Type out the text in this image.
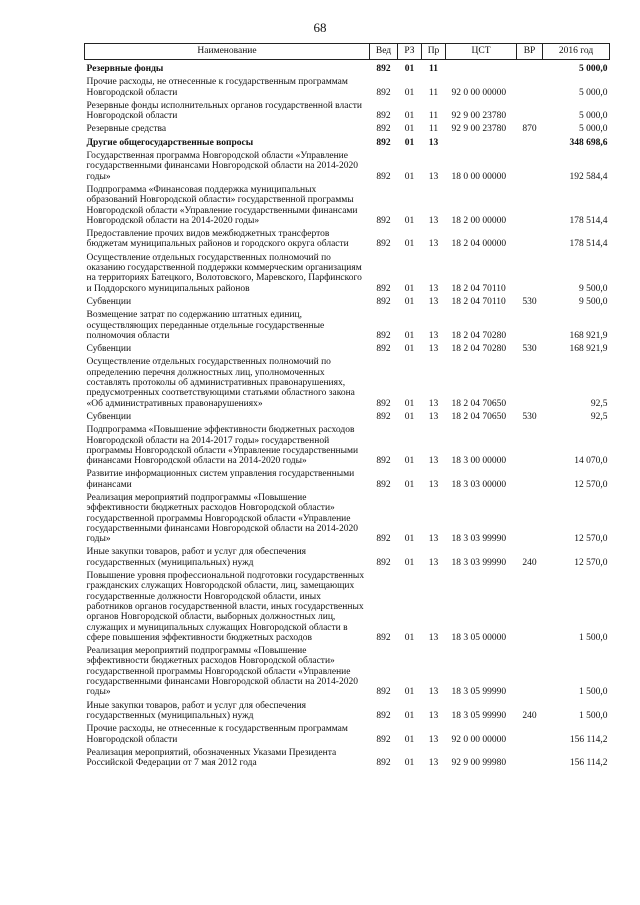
68
Наименование	Вед	РЗ	Пр	ЦСТ	ВР	2016 год
Резервные фонды	892	01	11			5 000,0
Прочие расходы, не отнесенные к государственным программам Новгородской области	892	01	11	92 0 00 00000		5 000,0
Резервные фонды исполнительных органов государственной власти Новгородской области	892	01	11	92 9 00 23780		5 000,0
Резервные средства	892	01	11	92 9 00 23780	870	5 000,0
Другие общегосударственные вопросы	892	01	13			348 698,6
Государственная программа Новгородской области «Управление государственными финансами Новгородской области на 2014-2020 годы»	892	01	13	18 0 00 00000		192 584,4
Подпрограмма «Финансовая поддержка муниципальных образований Новгородской области» государственной программы Новгородской области «Управление государственными финансами Новгородской области на 2014-2020 годы»	892	01	13	18 2 00 00000		178 514,4
Предоставление прочих видов межбюджетных трансфертов бюджетам муниципальных районов и городского округа области	892	01	13	18 2 04 00000		178 514,4
Осуществление отдельных государственных полномочий по оказанию государственной поддержки коммерческим организациям на территориях Батецкого, Волотовского, Маревского, Парфинского и Поддорского муниципальных районов	892	01	13	18 2 04 70110		9 500,0
Субвенции	892	01	13	18 2 04 70110	530	9 500,0
Возмещение затрат по содержанию штатных единиц, осуществляющих переданные отдельные государственные полномочия области	892	01	13	18 2 04 70280		168 921,9
Субвенции	892	01	13	18 2 04 70280	530	168 921,9
Осуществление отдельных государственных полномочий по определению перечня должностных лиц, уполномоченных составлять протоколы об административных правонарушениях, предусмотренных соответствующими статьями областного закона «Об административных правонарушениях»	892	01	13	18 2 04 70650		92,5
Субвенции	892	01	13	18 2 04 70650	530	92,5
Подпрограмма «Повышение эффективности бюджетных расходов Новгородской области на 2014-2017 годы» государственной программы Новгородской области «Управление государственными финансами Новгородской области на 2014-2020 годы»	892	01	13	18 3 00 00000		14 070,0
Развитие информационных систем управления государственными финансами	892	01	13	18 3 03 00000		12 570,0
Реализация мероприятий подпрограммы «Повышение эффективности бюджетных расходов Новгородской области» государственной программы Новгородской области «Управление государственными финансами Новгородской области на 2014-2020 годы»	892	01	13	18 3 03 99990		12 570,0
Иные закупки товаров, работ и услуг для обеспечения государственных (муниципальных) нужд	892	01	13	18 3 03 99990	240	12 570,0
Повышение уровня профессиональной подготовки государственных гражданских служащих Новгородской области, лиц, замещающих государственные должности Новгородской области, иных работников органов государственной власти, иных государственных органов Новгородской области, выборных должностных лиц, служащих и муниципальных служащих Новгородской области в сфере повышения эффективности бюджетных расходов	892	01	13	18 3 05 00000		1 500,0
Реализация мероприятий подпрограммы «Повышение эффективности бюджетных расходов Новгородской области» государственной программы Новгородской области «Управление государственными финансами Новгородской области на 2014-2020 годы»	892	01	13	18 3 05 99990		1 500,0
Иные закупки товаров, работ и услуг для обеспечения государственных (муниципальных) нужд	892	01	13	18 3 05 99990	240	1 500,0
Прочие расходы, не отнесенные к государственным программам Новгородской области	892	01	13	92 0 00 00000		156 114,2
Реализация мероприятий, обозначенных Указами Президента Российской Федерации от 7 мая 2012 года	892	01	13	92 9 00 99980		156 114,2
